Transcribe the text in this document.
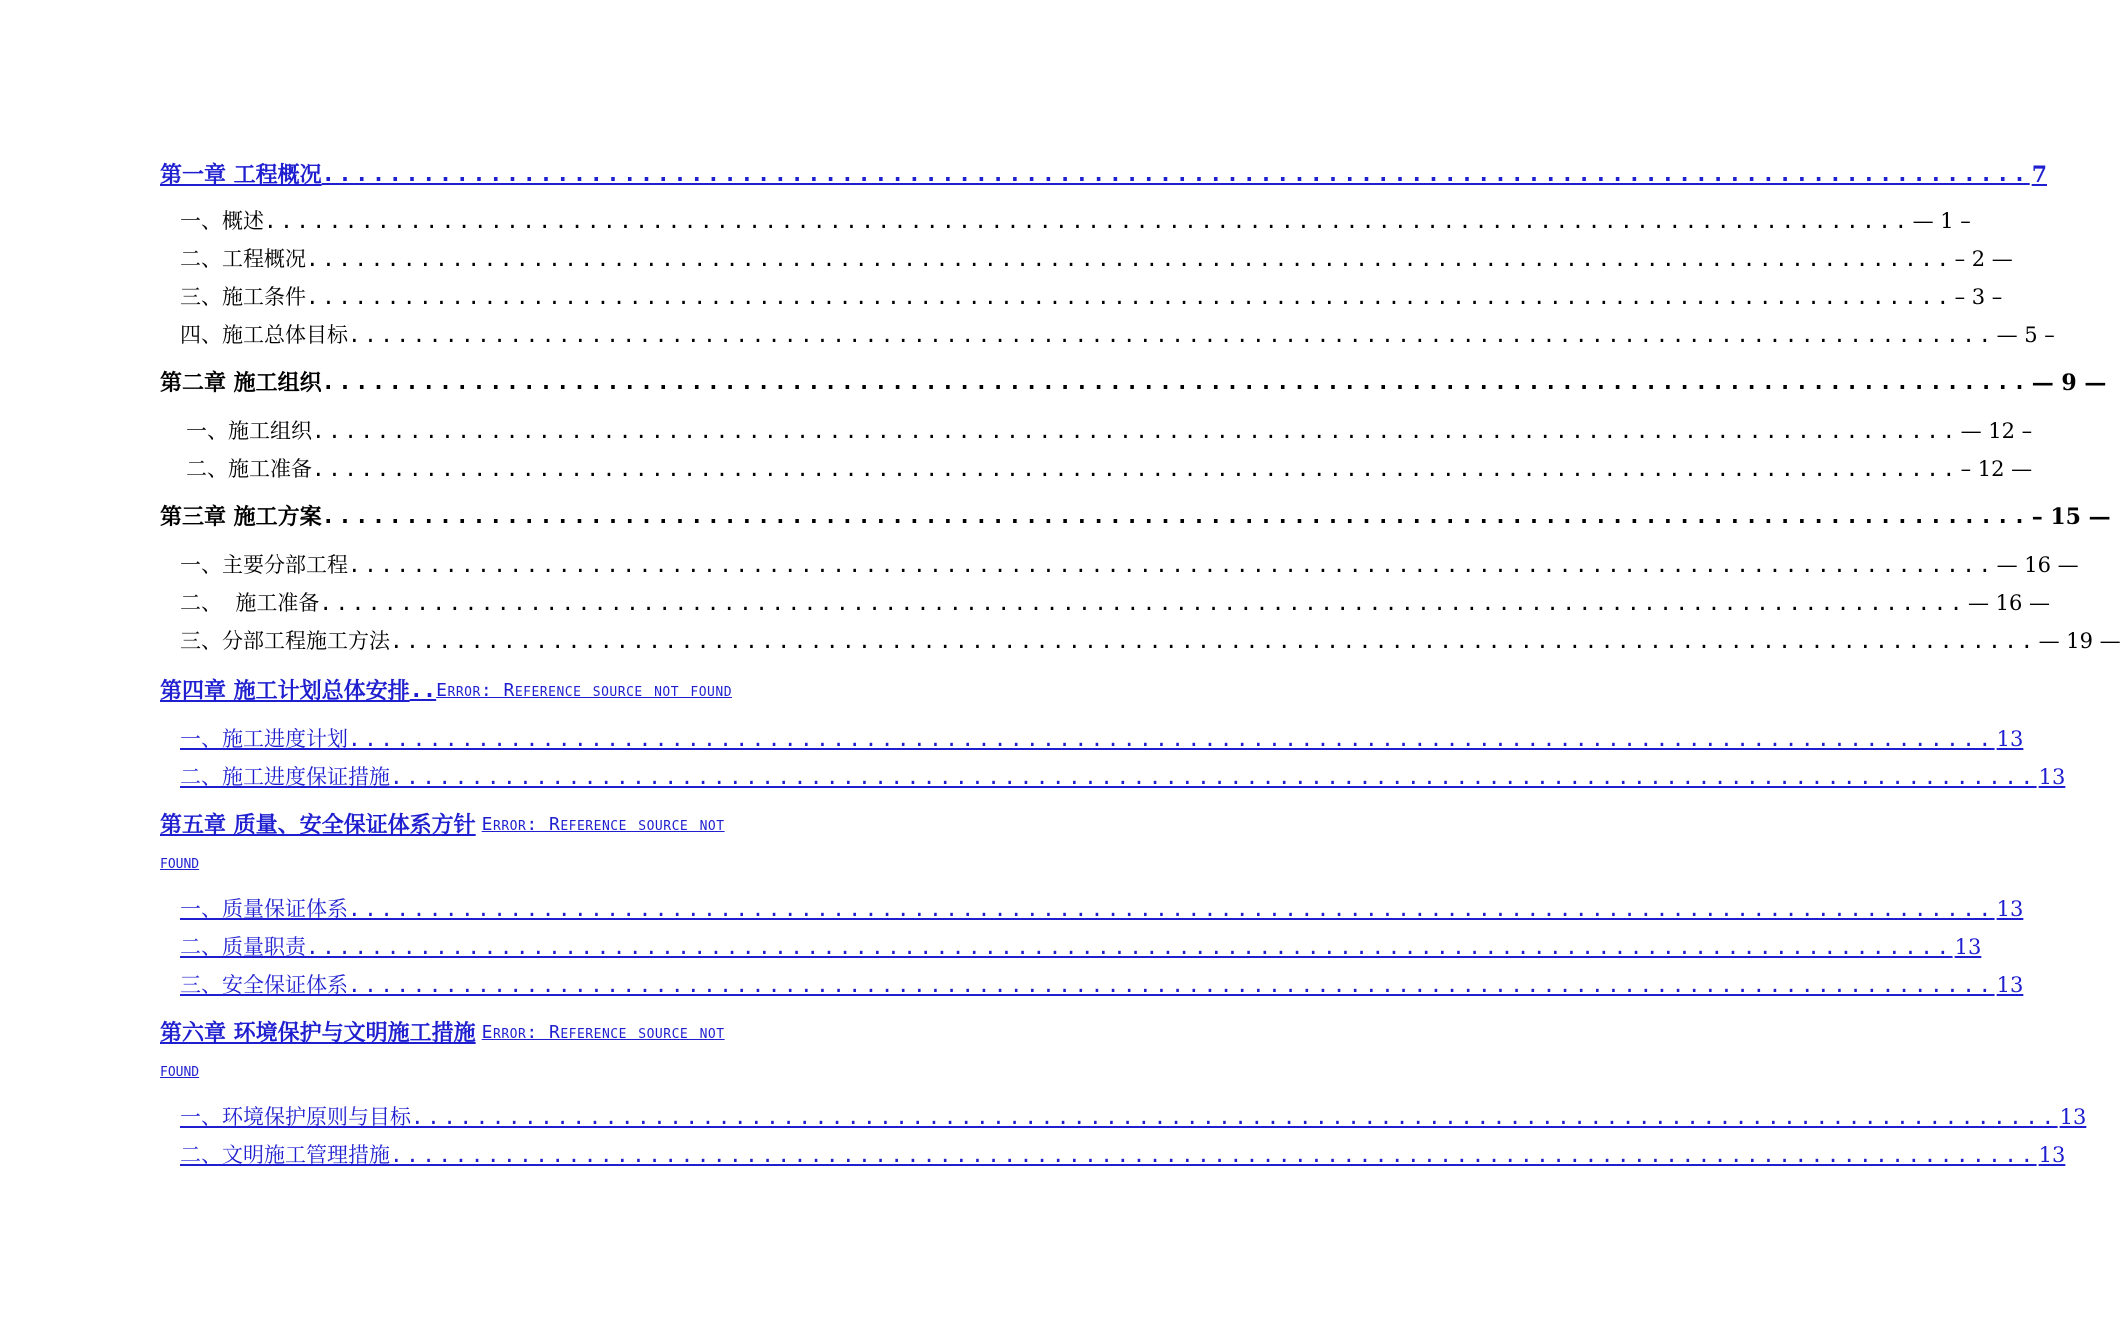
第一章 工程概况 ...................................................................................................... 7
一、概述 ...................................................................................................... — 1 –
二、工程概况 ...................................................................................................... – 2 —
三、施工条件 ...................................................................................................... – 3 –
四、施工总体目标 ...................................................................................................... — 5 –
第二章 施工组织 ...................................................................................................... — 9 —
一、施工组织 ...................................................................................................... — 12 –
二、施工准备 ...................................................................................................... – 12 —
第三章 施工方案 ...................................................................................................... – 15 —
一、主要分部工程 ...................................................................................................... — 16 —
二、  施工准备 ...................................................................................................... — 16 —
三、分部工程施工方法 ...................................................................................................... — 19 —
第四章 施工计划总体安排 .. Error: Reference source not found
一、施工进度计划 ...................................................................................................... 13
二、施工进度保证措施 ...................................................................................................... 13
第五章 质量、安全保证体系方针 Error: Reference source not
found
一、质量保证体系 ...................................................................................................... 13
二、质量职责 ...................................................................................................... 13
三、安全保证体系 ...................................................................................................... 13
第六章 环境保护与文明施工措施 Error: Reference source not
found
一、环境保护原则与目标 ...................................................................................................... 13
二、文明施工管理措施 ...................................................................................................... 13
